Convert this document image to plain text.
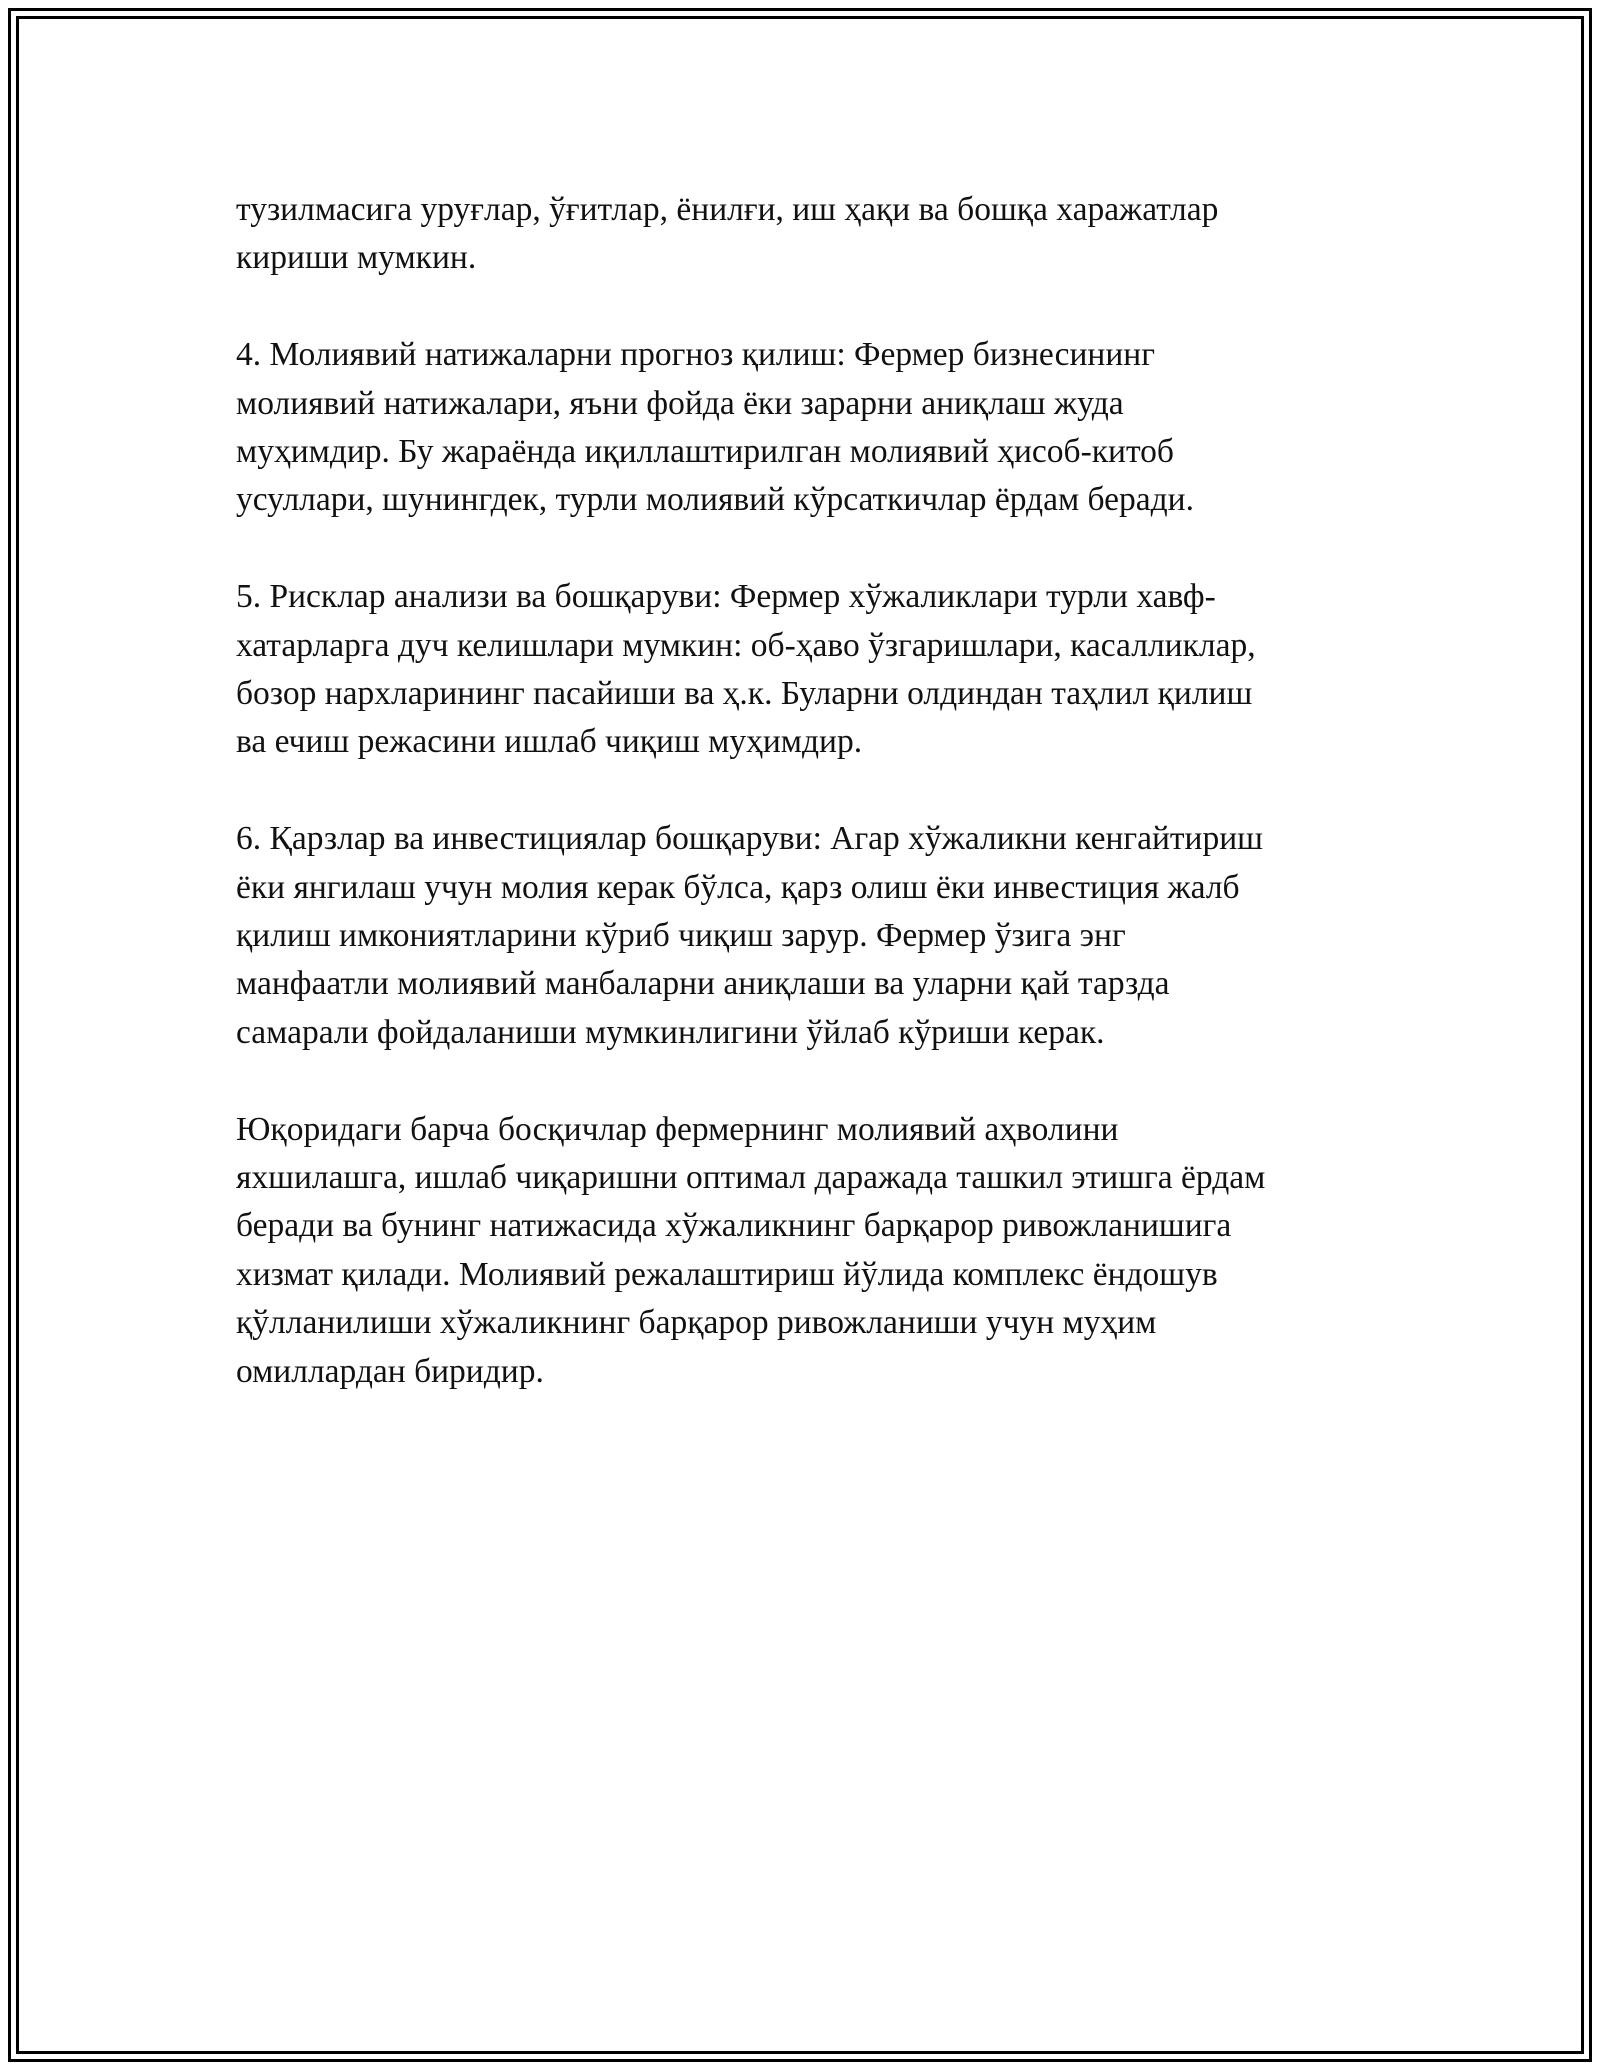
тузилмасига уруғлар, ўғитлар, ёнилғи, иш ҳақи ва бошқа харажатлар
кириши мумкин.

4. Молиявий натижаларни прогноз қилиш: Фермер бизнесининг
молиявий натижалари, яъни фойда ёки зарарни аниқлаш жуда
муҳимдир. Бу жараёнда иқиллаштирилган молиявий ҳисоб-китоб
усуллари, шунингдек, турли молиявий кўрсаткичлар ёрдам беради.

5. Рисклар анализи ва бошқаруви: Фермер хўжаликлари турли хавф-
хатарларга дуч келишлари мумкин: об-ҳаво ўзгаришлари, касалликлар,
бозор нархларининг пасайиши ва ҳ.к. Буларни олдиндан таҳлил қилиш
ва ечиш режасини ишлаб чиқиш муҳимдир.

6. Қарзлар ва инвестициялар бошқаруви: Агар хўжаликни кенгайтириш
ёки янгилаш учун молия керак бўлса, қарз олиш ёки инвестиция жалб
қилиш имкониятларини кўриб чиқиш зарур. Фермер ўзига энг
манфаатли молиявий манбаларни аниқлаши ва уларни қай тарзда
самарали фойдаланиши мумкинлигини ўйлаб кўриши керак.

Юқоридаги барча босқичлар фермернинг молиявий аҳволини
яхшилашга, ишлаб чиқаришни оптимал даражада ташкил этишга ёрдам
беради ва бунинг натижасида хўжаликнинг барқарор ривожланишига
хизмат қилади. Молиявий режалаштириш йўлида комплекс ёндошув
қўлланилиши хўжаликнинг барқарор ривожланиши учун муҳим
омиллардан биридир.
